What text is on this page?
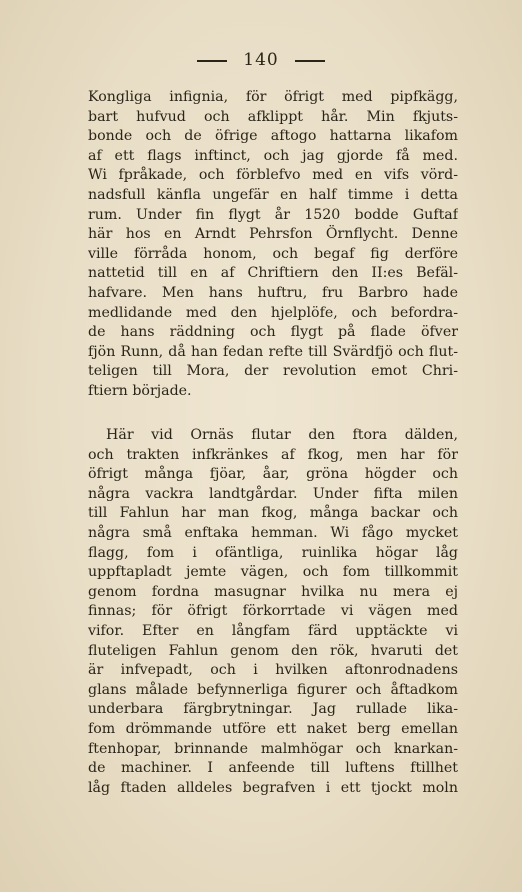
140
Kongliga infignia, för öfrigt med pipfkägg,
bart hufvud och afklippt hår. Min fkjuts-
bonde och de öfrige aftogo hattarna likafom
af ett flags inftinct, och jag gjorde få med.
Wi fpråkade, och förblefvo med en vifs vörd-
nadsfull känfla ungefär en half timme i detta
rum. Under fin flygt år 1520 bodde Guftaf
här hos en Arndt Pehrsfon Örnflycht. Denne
ville förråda honom, och begaf fig derföre
nattetid till en af Chriftiern den II:es Befäl-
hafvare. Men hans huftru, fru Barbro hade
medlidande med den hjelplöfe, och befordra-
de hans räddning och flygt på flade öfver
fjön Runn, då han fedan refte till Svärdfjö och flut-
teligen till Mora, der revolution emot Chri-
ftiern började.
Här vid Ornäs flutar den ftora dälden,
och trakten infkränkes af fkog, men har för
öfrigt många fjöar, åar, gröna högder och
några vackra landtgårdar. Under fifta milen
till Fahlun har man fkog, många backar och
några små enftaka hemman. Wi fågo mycket
flagg, fom i ofäntliga, ruinlika högar låg
uppftapladt jemte vägen, och fom tillkommit
genom fordna masugnar hvilka nu mera ej
finnas; för öfrigt förkorrtade vi vägen med
vifor. Efter en långfam färd upptäckte vi
fluteligen Fahlun genom den rök, hvaruti det
är infvepadt, och i hvilken aftonrodnadens
glans målade befynnerliga figurer och åftadkom
underbara färgbrytningar. Jag rullade lika-
fom drömmande utföre ett naket berg emellan
ftenhopar, brinnande malmhögar och knarkan-
de machiner. I anfeende till luftens ftillhet
låg ftaden alldeles begrafven i ett tjockt moln
